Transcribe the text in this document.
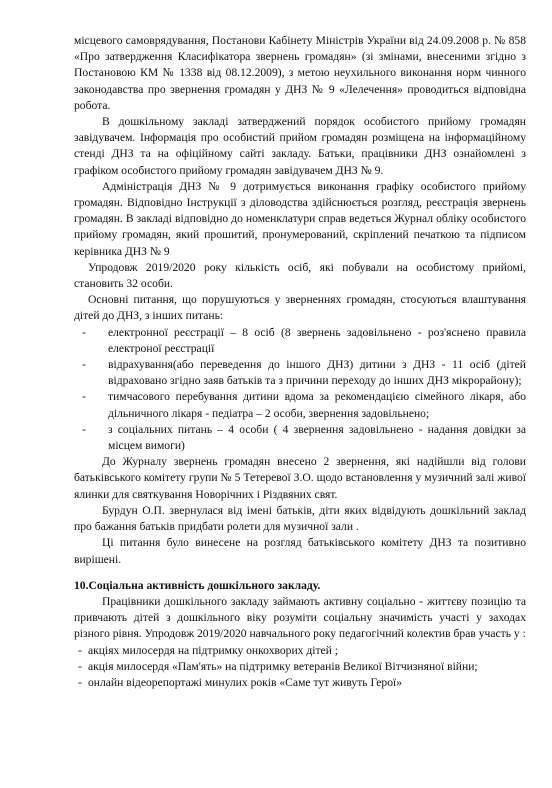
місцевого самоврядування, Постанови Кабінету Міністрів України від 24.09.2008 р. № 858 «Про затвердження Класифікатора звернень громадян» (зі змінами, внесеними згідно з Постановою КМ № 1338 від 08.12.2009), з метою неухильного виконання норм чинного законодавства про звернення громадян у ДНЗ № 9 «Лелечення» проводиться відповідна робота.

В дошкільному закладі затверджений порядок особистого прийому громадян завідувачем. Інформація про особистий прийом громадян розміщена на інформаційному стенді ДНЗ та на офіційному сайті закладу. Батьки, працівники ДНЗ ознайомлені з графіком особистого прийому громадян завідувачем ДНЗ № 9.

Адміністрація ДНЗ № 9 дотримується виконання графіку особистого прийому громадян. Відповідно Інструкції з діловодства здійснюється розгляд, реєстрація звернень громадян. В закладі відповідно до номенклатури справ ведеться Журнал обліку особистого прийому громадян, який прошитий, пронумерований, скріплений печаткою та підписом керівника ДНЗ № 9

Упродовж 2019/2020 року кількість осіб, які побували на особистому прийомі, становить 32 особи.

Основні питання, що порушуються у зверненнях громадян, стосуються влаштування дітей до ДНЗ, з інших питань:

- електронної реєстрації – 8 осіб (8 звернень задовільнено - роз'яснено правила електроної реєстрації
- відрахування(або переведення до іншого ДНЗ) дитини з ДНЗ - 11 осіб (дітей відраховано згідно заяв батьків та з причини переходу до інших ДНЗ мікрорайону);
- тимчасового перебування дитини вдома за рекомендацією сімейного лікаря, або дільничного лікаря - педіатра – 2 особи, звернення задовільнено;
- з соціальних питань – 4 особи ( 4 звернення задовільнено - надання довідки за місцем вимоги)

До Журналу звернень громадян внесено 2 звернення, які надійшли від голови батьківського комітету групи № 5 Тетеревої З.О. щодо встановлення у музичний залі живої ялинки для святкування Новорічних і Різдвяних свят.

Бурдун О.П. звернулася від імені батьків, діти яких відвідують дошкільний заклад про бажання батьків придбати ролети для музичної зали .

Ці питання було винесене на розгляд батьківського комітету ДНЗ та позитивно вирішені.

10.Соціальна активність дошкільного закладу.

Працівники дошкільного закладу займають активну соціально - життєву позицію та привчають дітей з дошкільного віку розуміти соціальну значимість участі у заходах різного рівня. Упродовж 2019/2020 навчального року педагогічний колектив брав участь у :

- акціях милосердя на підтримку онкохворих дітей ;
- акція милосердя «Пам'ять» на підтримку ветеранів Великої Вітчизняної війни;
- онлайн відеорепортажі минулих років «Саме тут живуть Герої»
